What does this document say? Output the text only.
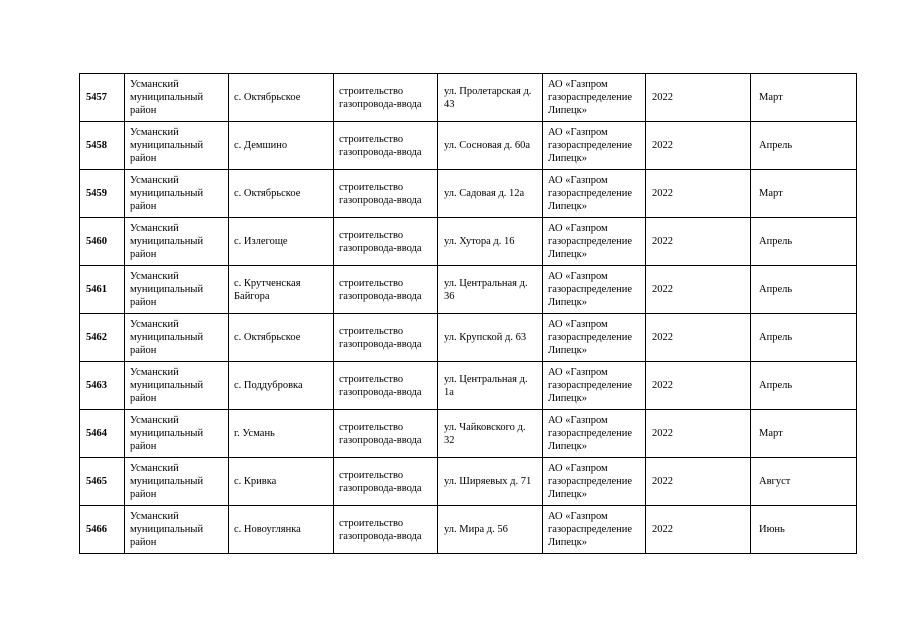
5457	Усманский муниципальный район	с. Октябрьское	строительство газопровода-ввода	ул. Пролетарская д. 43	АО «Газпром газораспределение Липецк»	2022	Март
5458	Усманский муниципальный район	с. Демшино	строительство газопровода-ввода	ул. Сосновая д. 60а	АО «Газпром газораспределение Липецк»	2022	Апрель
5459	Усманский муниципальный район	с. Октябрьское	строительство газопровода-ввода	ул. Садовая д. 12а	АО «Газпром газораспределение Липецк»	2022	Март
5460	Усманский муниципальный район	с. Излегоще	строительство газопровода-ввода	ул. Хутора д. 16	АО «Газпром газораспределение Липецк»	2022	Апрель
5461	Усманский муниципальный район	с. Крутченская Байгора	строительство газопровода-ввода	ул. Центральная д. 36	АО «Газпром газораспределение Липецк»	2022	Апрель
5462	Усманский муниципальный район	с. Октябрьское	строительство газопровода-ввода	ул. Крупской д. 63	АО «Газпром газораспределение Липецк»	2022	Апрель
5463	Усманский муниципальный район	с. Поддубровка	строительство газопровода-ввода	ул. Центральная д. 1а	АО «Газпром газораспределение Липецк»	2022	Апрель
5464	Усманский муниципальный район	г. Усмань	строительство газопровода-ввода	ул. Чайковского д. 32	АО «Газпром газораспределение Липецк»	2022	Март
5465	Усманский муниципальный район	с. Кривка	строительство газопровода-ввода	ул. Ширяевых д. 71	АО «Газпром газораспределение Липецк»	2022	Август
5466	Усманский муниципальный район	с. Новоуглянка	строительство газопровода-ввода	ул. Мира д. 56	АО «Газпром газораспределение Липецк»	2022	Июнь
